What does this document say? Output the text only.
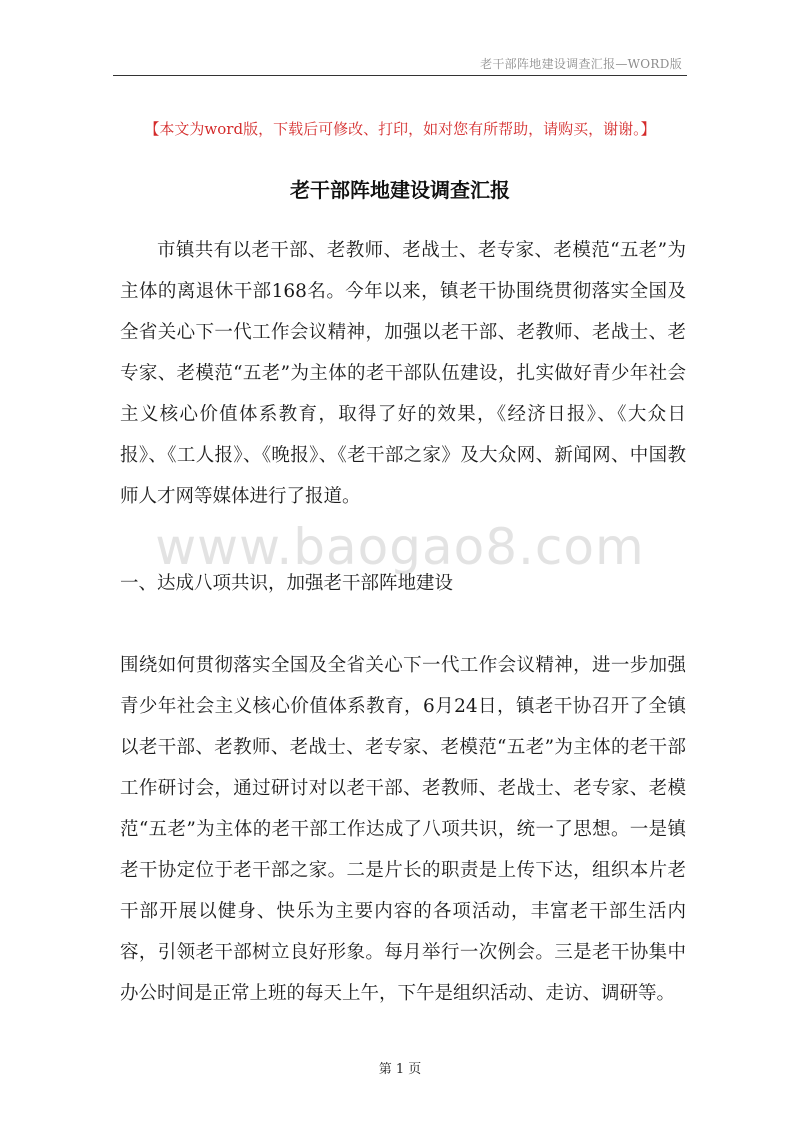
老干部阵地建设调查汇报—WORD版
【本文为word版，下载后可修改、打印，如对您有所帮助，请购买，谢谢。】
老干部阵地建设调查汇报

市镇共有以老干部、老教师、老战士、老专家、老模范“五老”为主体的离退休干部168名。今年以来，镇老干协围绕贯彻落实全国及全省关心下一代工作会议精神，加强以老干部、老教师、老战士、老专家、老模范“五老”为主体的老干部队伍建设，扎实做好青少年社会主义核心价值体系教育，取得了好的效果，《经济日报》、《大众日报》、《工人报》、《晚报》、《老干部之家》及大众网、新闻网、中国教师人才网等媒体进行了报道。

www.baogao8.com
一、达成八项共识，加强老干部阵地建设

围绕如何贯彻落实全国及全省关心下一代工作会议精神，进一步加强青少年社会主义核心价值体系教育，6月24日，镇老干协召开了全镇以老干部、老教师、老战士、老专家、老模范“五老”为主体的老干部工作研讨会，通过研讨对以老干部、老教师、老战士、老专家、老模范“五老”为主体的老干部工作达成了八项共识，统一了思想。一是镇老干协定位于老干部之家。二是片长的职责是上传下达，组织本片老干部开展以健身、快乐为主要内容的各项活动，丰富老干部生活内容，引领老干部树立良好形象。每月举行一次例会。三是老干协集中办公时间是正常上班的每天上午，下午是组织活动、走访、调研等。

第 1 页
